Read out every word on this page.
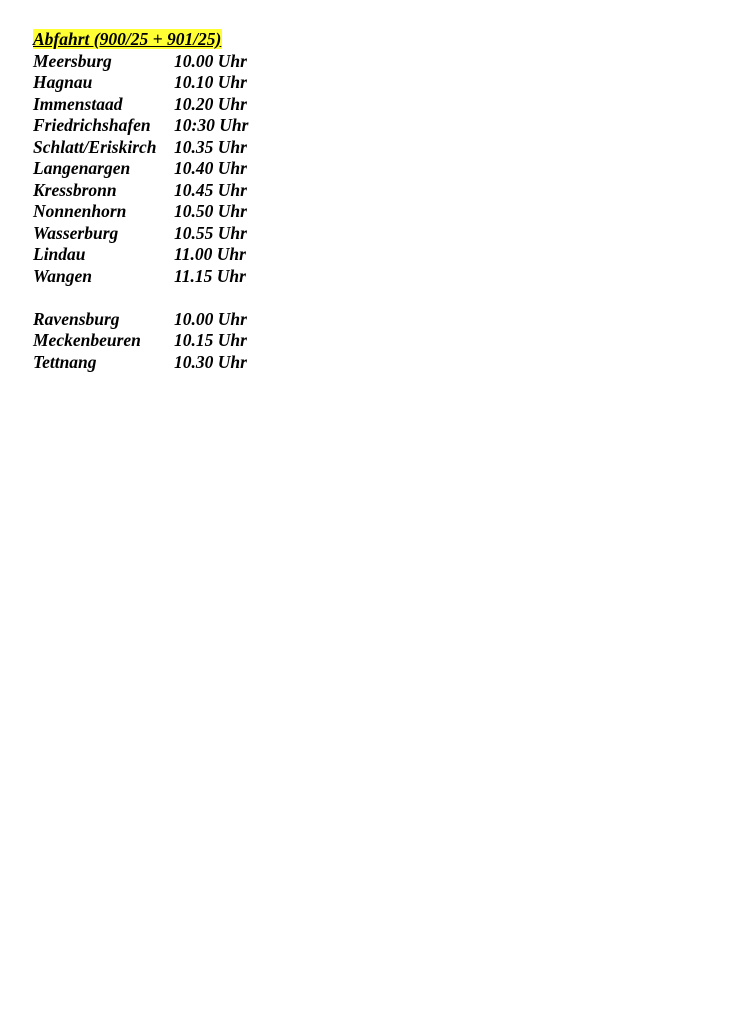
Abfahrt (900/25 + 901/25)
Meersburg	10.00 Uhr
Hagnau	10.10 Uhr
Immenstaad	10.20 Uhr
Friedrichshafen	10:30 Uhr
Schlatt/Eriskirch 10.35 Uhr
Langenargen	10.40 Uhr
Kressbronn	10.45 Uhr
Nonnenhorn	10.50 Uhr
Wasserburg	10.55 Uhr
Lindau	11.00 Uhr
Wangen	11.15 Uhr
Ravensburg	10.00 Uhr
Meckenbeuren	10.15 Uhr
Tettnang	10.30 Uhr
